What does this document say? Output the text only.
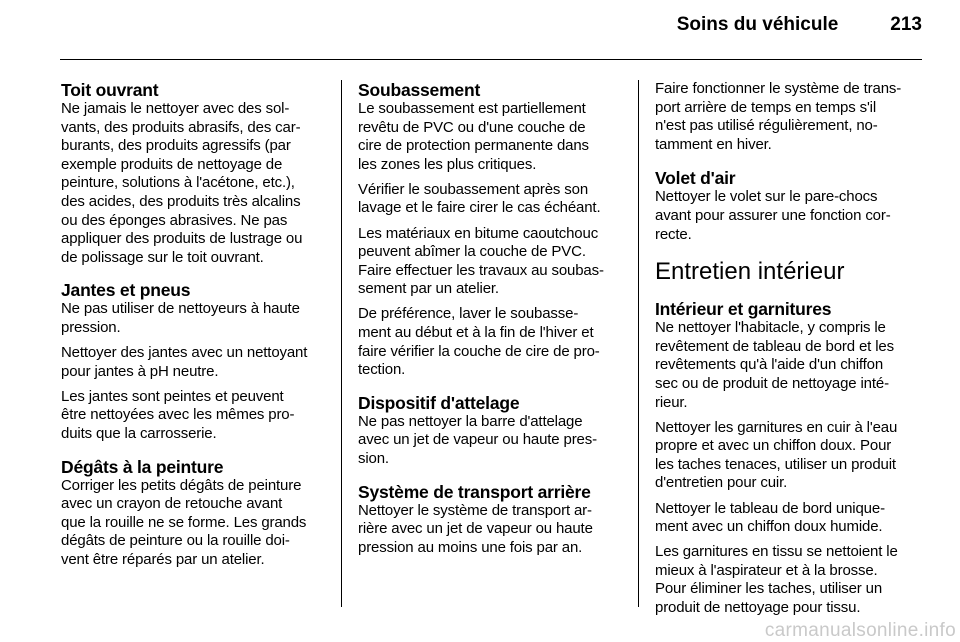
Soins du véhicule	213
Toit ouvrant
Ne jamais le nettoyer avec des sol-
vants, des produits abrasifs, des car-
burants, des produits agressifs (par
exemple produits de nettoyage de
peinture, solutions à l'acétone, etc.),
des acides, des produits très alcalins
ou des éponges abrasives. Ne pas
appliquer des produits de lustrage ou
de polissage sur le toit ouvrant.
Jantes et pneus
Ne pas utiliser de nettoyeurs à haute
pression.
Nettoyer des jantes avec un nettoyant
pour jantes à pH neutre.
Les jantes sont peintes et peuvent
être nettoyées avec les mêmes pro-
duits que la carrosserie.
Dégâts à la peinture
Corriger les petits dégâts de peinture
avec un crayon de retouche avant
que la rouille ne se forme. Les grands
dégâts de peinture ou la rouille doi-
vent être réparés par un atelier.
Soubassement
Le soubassement est partiellement
revêtu de PVC ou d'une couche de
cire de protection permanente dans
les zones les plus critiques.
Vérifier le soubassement après son
lavage et le faire cirer le cas échéant.
Les matériaux en bitume caoutchouc
peuvent abîmer la couche de PVC.
Faire effectuer les travaux au soubas-
sement par un atelier.
De préférence, laver le soubasse-
ment au début et à la fin de l'hiver et
faire vérifier la couche de cire de pro-
tection.
Dispositif d'attelage
Ne pas nettoyer la barre d'attelage
avec un jet de vapeur ou haute pres-
sion.
Système de transport arrière
Nettoyer le système de transport ar-
rière avec un jet de vapeur ou haute
pression au moins une fois par an.
Faire fonctionner le système de trans-
port arrière de temps en temps s'il
n'est pas utilisé régulièrement, no-
tamment en hiver.
Volet d'air
Nettoyer le volet sur le pare-chocs
avant pour assurer une fonction cor-
recte.
Entretien intérieur
Intérieur et garnitures
Ne nettoyer l'habitacle, y compris le
revêtement de tableau de bord et les
revêtements qu'à l'aide d'un chiffon
sec ou de produit de nettoyage inté-
rieur.
Nettoyer les garnitures en cuir à l'eau
propre et avec un chiffon doux. Pour
les taches tenaces, utiliser un produit
d'entretien pour cuir.
Nettoyer le tableau de bord unique-
ment avec un chiffon doux humide.
Les garnitures en tissu se nettoient le
mieux à l'aspirateur et à la brosse.
Pour éliminer les taches, utiliser un
produit de nettoyage pour tissu.
carmanualsonline.info
